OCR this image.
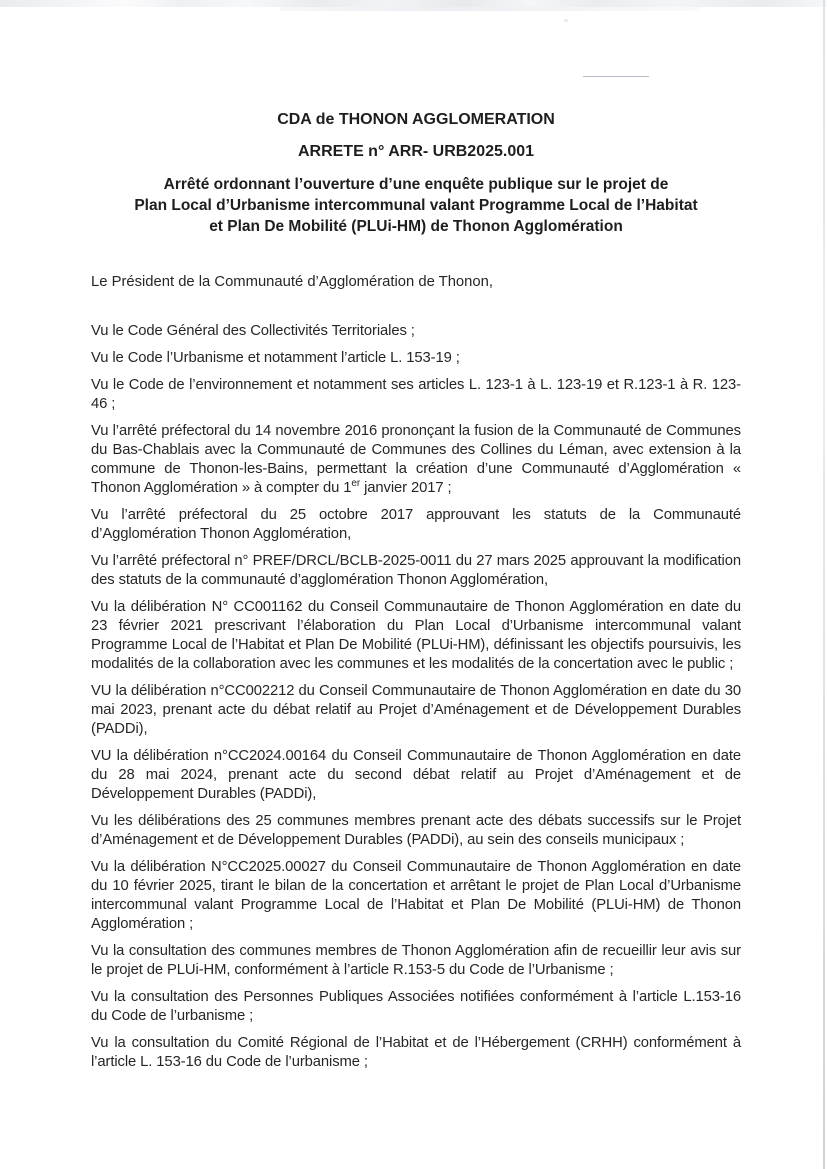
CDA de THONON AGGLOMERATION
ARRETE n° ARR- URB2025.001
Arrêté ordonnant l’ouverture d’une enquête publique sur le projet de
Plan Local d’Urbanisme intercommunal valant Programme Local de l’Habitat
et Plan De Mobilité (PLUi-HM) de Thonon Agglomération
Le Président de la Communauté d’Agglomération de Thonon,

Vu le Code Général des Collectivités Territoriales ;

Vu le Code l’Urbanisme et notamment l’article L. 153-19 ;

Vu le Code de l’environnement et notamment ses articles L. 123-1 à L. 123-19 et R.123-1 à R. 123-46 ;

Vu l’arrêté préfectoral du 14 novembre 2016 prononçant la fusion de la Communauté de Communes du Bas-Chablais avec la Communauté de Communes des Collines du Léman, avec extension à la commune de Thonon-les-Bains, permettant la création d’une Communauté d’Agglomération « Thonon Agglomération » à compter du 1er janvier 2017 ;

Vu l’arrêté préfectoral du 25 octobre 2017 approuvant les statuts de la Communauté d’Agglomération Thonon Agglomération,

Vu l’arrêté préfectoral n° PREF/DRCL/BCLB-2025-0011 du 27 mars 2025 approuvant la modification des statuts de la communauté d’agglomération Thonon Agglomération,

Vu la délibération N° CC001162 du Conseil Communautaire de Thonon Agglomération en date du 23 février 2021 prescrivant l’élaboration du Plan Local d’Urbanisme intercommunal valant Programme Local de l’Habitat et Plan De Mobilité (PLUi-HM), définissant les objectifs poursuivis, les modalités de la collaboration avec les communes et les modalités de la concertation avec le public ;

VU la délibération n°CC002212 du Conseil Communautaire de Thonon Agglomération en date du 30 mai 2023, prenant acte du débat relatif au Projet d’Aménagement et de Développement Durables (PADDi),

VU la délibération n°CC2024.00164 du Conseil Communautaire de Thonon Agglomération en date du 28 mai 2024, prenant acte du second débat relatif au Projet d’Aménagement et de Développement Durables (PADDi),

Vu les délibérations des 25 communes membres prenant acte des débats successifs sur le Projet d’Aménagement et de Développement Durables (PADDi), au sein des conseils municipaux ;

Vu la délibération N°CC2025.00027 du Conseil Communautaire de Thonon Agglomération en date du 10 février 2025, tirant le bilan de la concertation et arrêtant le projet de Plan Local d’Urbanisme intercommunal valant Programme Local de l’Habitat et Plan De Mobilité (PLUi-HM) de Thonon Agglomération ;

Vu la consultation des communes membres de Thonon Agglomération afin de recueillir leur avis sur le projet de PLUi-HM, conformément à l’article R.153-5 du Code de l’Urbanisme ;

Vu la consultation des Personnes Publiques Associées notifiées conformément à l’article L.153-16 du Code de l’urbanisme ;

Vu la consultation du Comité Régional de l’Habitat et de l’Hébergement (CRHH) conformément à l’article L. 153-16 du Code de l’urbanisme ;
